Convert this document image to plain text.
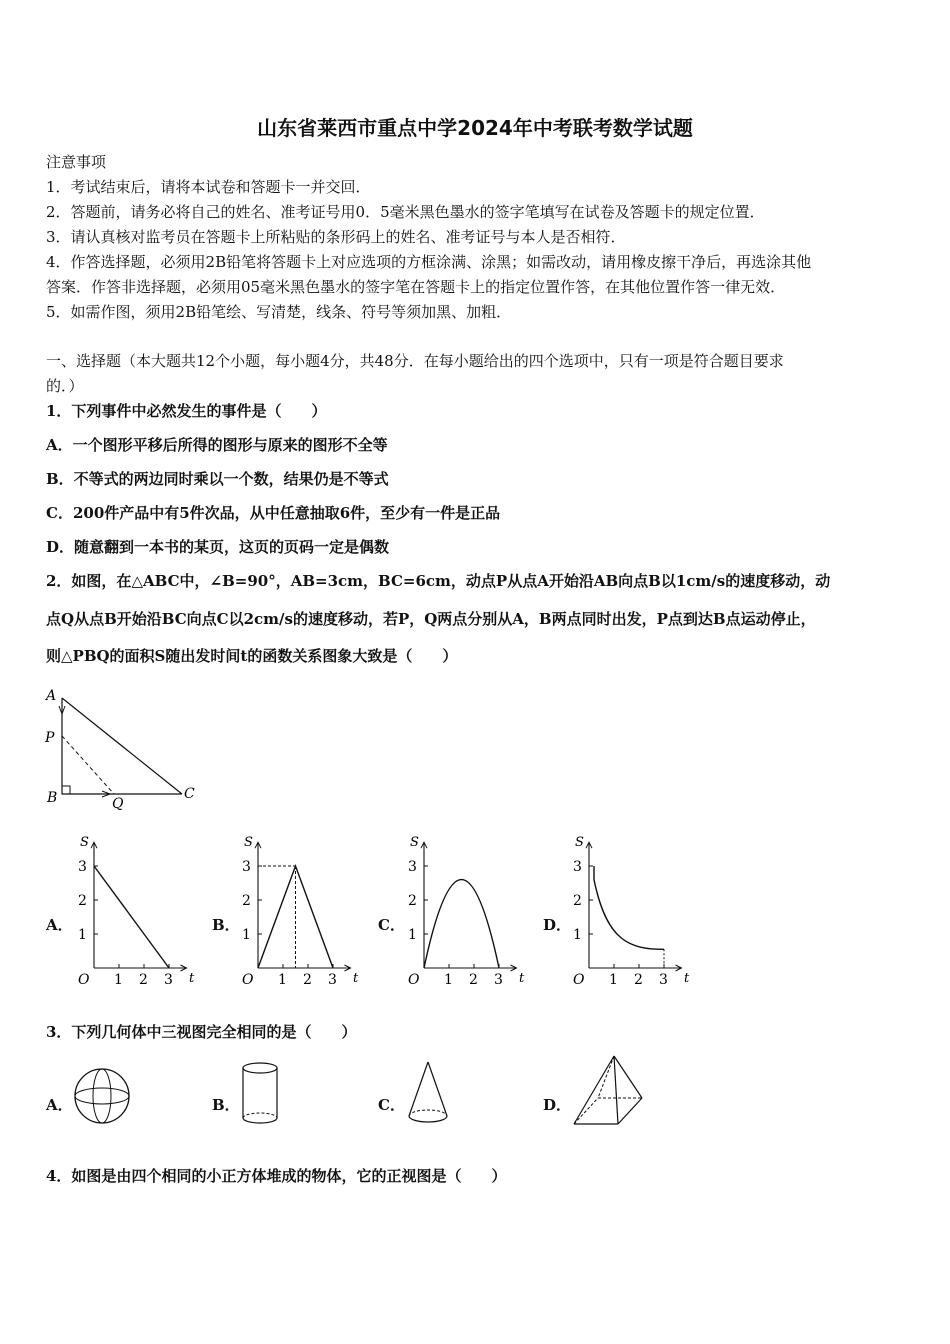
山东省莱西市重点中学2024年中考联考数学试题
注意事项
1．考试结束后，请将本试卷和答题卡一并交回．
2．答题前，请务必将自己的姓名、准考证号用0．5毫米黑色墨水的签字笔填写在试卷及答题卡的规定位置．
3．请认真核对监考员在答题卡上所粘贴的条形码上的姓名、准考证号与本人是否相符．
4．作答选择题，必须用2B铅笔将答题卡上对应选项的方框涂满、涂黑；如需改动，请用橡皮擦干净后，再选涂其他
答案．作答非选择题，必须用05毫米黑色墨水的签字笔在答题卡上的指定位置作答，在其他位置作答一律无效．
5．如需作图，须用2B铅笔绘、写清楚，线条、符号等须加黑、加粗．
一、选择题（本大题共12个小题，每小题4分，共48分．在每小题给出的四个选项中，只有一项是符合题目要求
的．）
1．下列事件中必然发生的事件是（　　）
A．一个图形平移后所得的图形与原来的图形不全等
B．不等式的两边同时乘以一个数，结果仍是不等式
C．200件产品中有5件次品，从中任意抽取6件，至少有一件是正品
D．随意翻到一本书的某页，这页的页码一定是偶数
2．如图，在△ABC中，∠B=90°，AB=3cm，BC=6cm，动点P从点A开始沿AB向点B以1cm/s的速度移动，动
点Q从点B开始沿BC向点C以2cm/s的速度移动，若P，Q两点分别从A，B两点同时出发，P点到达B点运动停止，
则△PBQ的面积S随出发时间t的函数关系图象大致是（　　）
A
P
B	Q
C
A．	B．	C．	D．
t
S
O
1
1
2
2
3
3	t
S
O
1
1
2
2
3
3	t
S
O
1
1
2
2
3
3	t
S
O
1
1
2
2
3
3
3．下列几何体中三视图完全相同的是（　　）
A．	B．	C．	D．
4．如图是由四个相同的小正方体堆成的物体，它的正视图是（　　）
